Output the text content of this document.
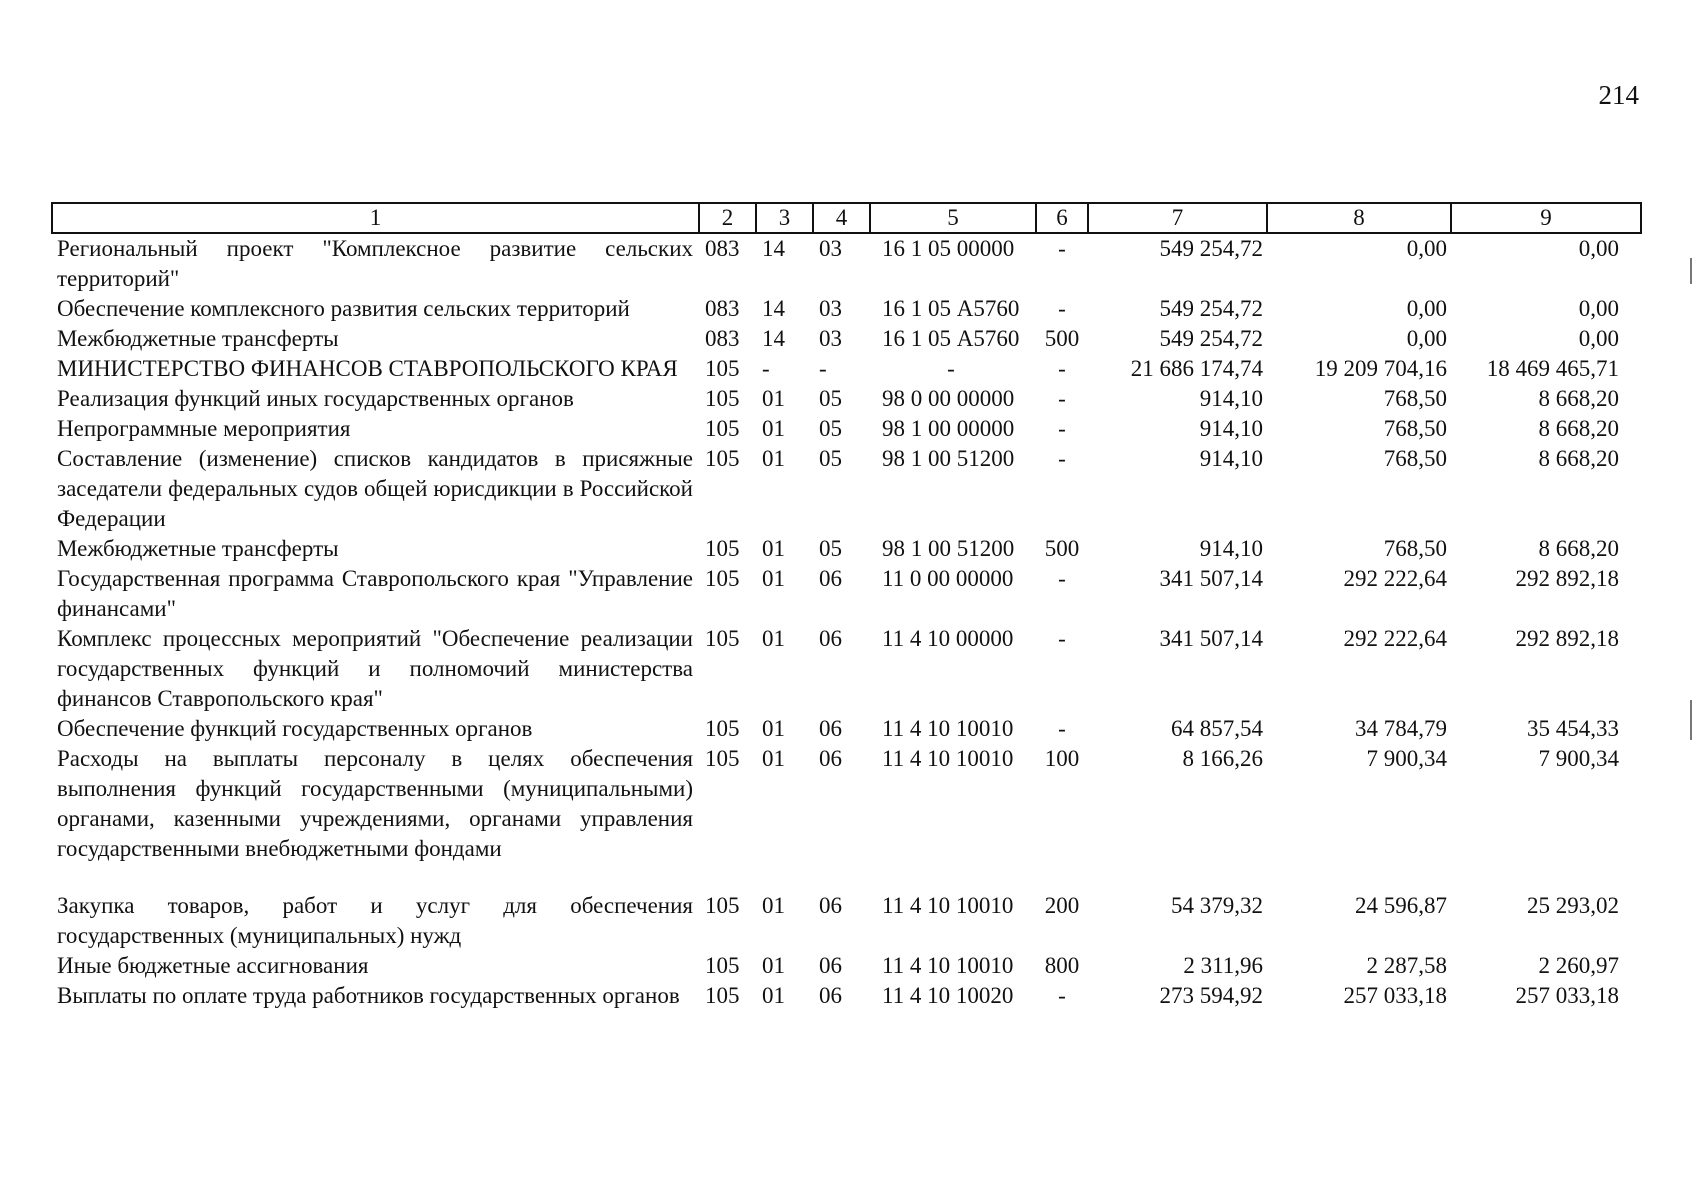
214
1	2	3	4	5	6	7	8	9
Региональный проект "Комплексное развитие сельских территорий"	083	14	03	16 1 05 00000	-	549 254,72	0,00	0,00
Обеспечение комплексного развития сельских территорий	083	14	03	16 1 05 А5760	-	549 254,72	0,00	0,00
Межбюджетные трансферты	083	14	03	16 1 05 А5760	500	549 254,72	0,00	0,00
МИНИСТЕРСТВО ФИНАНСОВ СТАВРОПОЛЬСКОГО КРАЯ	105	-	-	-	-	21 686 174,74	19 209 704,16	18 469 465,71
Реализация функций иных государственных органов	105	01	05	98 0 00 00000	-	914,10	768,50	8 668,20
Непрограммные мероприятия	105	01	05	98 1 00 00000	-	914,10	768,50	8 668,20
Составление (изменение) списков кандидатов в присяжные заседатели федеральных судов общей юрисдикции в Российской Федерации	105	01	05	98 1 00 51200	-	914,10	768,50	8 668,20
Межбюджетные трансферты	105	01	05	98 1 00 51200	500	914,10	768,50	8 668,20
Государственная программа Ставропольского края "Управление финансами"	105	01	06	11 0 00 00000	-	341 507,14	292 222,64	292 892,18
Комплекс процессных мероприятий "Обеспечение реализации государственных функций и полномочий министерства финансов Ставропольского края"	105	01	06	11 4 10 00000	-	341 507,14	292 222,64	292 892,18
Обеспечение функций государственных органов	105	01	06	11 4 10 10010	-	64 857,54	34 784,79	35 454,33
Расходы на выплаты персоналу в целях обеспечения выполнения функций государственными (муниципальными) органами, казенными учреждениями, органами управления государственными внебюджетными фондами	105	01	06	11 4 10 10010	100	8 166,26	7 900,34	7 900,34
Закупка товаров, работ и услуг для обеспечения государственных (муниципальных) нужд	105	01	06	11 4 10 10010	200	54 379,32	24 596,87	25 293,02
Иные бюджетные ассигнования	105	01	06	11 4 10 10010	800	2 311,96	2 287,58	2 260,97
Выплаты по оплате труда работников государственных органов	105	01	06	11 4 10 10020	-	273 594,92	257 033,18	257 033,18
